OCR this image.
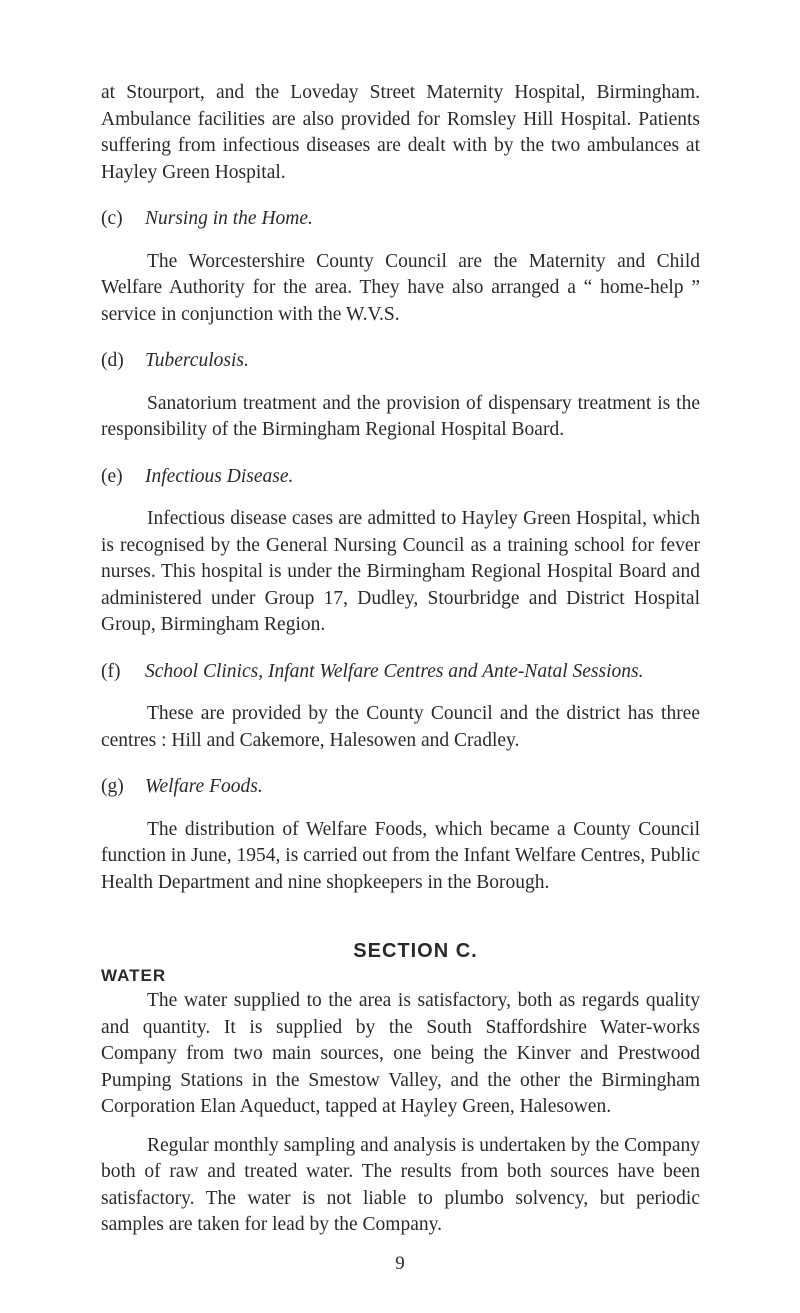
at Stourport, and the Loveday Street Maternity Hospital, Birmingham. Ambulance facilities are also provided for Romsley Hill Hospital. Patients suffering from infectious diseases are dealt with by the two ambulances at Hayley Green Hospital.

(c) Nursing in the Home.

The Worcestershire County Council are the Maternity and Child Welfare Authority for the area. They have also arranged a “ home-help ” service in conjunction with the W.V.S.

(d) Tuberculosis.

Sanatorium treatment and the provision of dispensary treatment is the responsibility of the Birmingham Regional Hospital Board.

(e) Infectious Disease.

Infectious disease cases are admitted to Hayley Green Hospital, which is recognised by the General Nursing Council as a training school for fever nurses. This hospital is under the Birmingham Regional Hospital Board and administered under Group 17, Dudley, Stourbridge and District Hospital Group, Birmingham Region.

(f) School Clinics, Infant Welfare Centres and Ante-Natal Sessions.

These are provided by the County Council and the district has three centres : Hill and Cakemore, Halesowen and Cradley.

(g) Welfare Foods.

The distribution of Welfare Foods, which became a County Council function in June, 1954, is carried out from the Infant Welfare Centres, Public Health Department and nine shopkeepers in the Borough.

SECTION C.
WATER

The water supplied to the area is satisfactory, both as regards quality and quantity. It is supplied by the South Staffordshire Water-works Company from two main sources, one being the Kinver and Prestwood Pumping Stations in the Smestow Valley, and the other the Birmingham Corporation Elan Aqueduct, tapped at Hayley Green, Halesowen.

Regular monthly sampling and analysis is undertaken by the Company both of raw and treated water. The results from both sources have been satisfactory. The water is not liable to plumbo solvency, but periodic samples are taken for lead by the Company.

9
